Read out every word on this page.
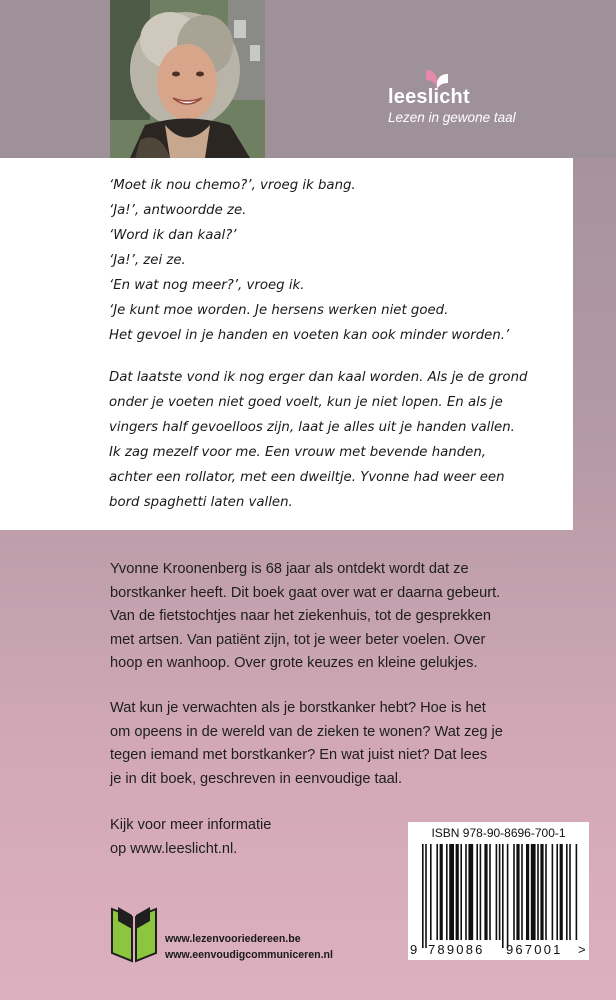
leeslicht
Lezen in gewone taal
‘Moet ik nou chemo?’, vroeg ik bang.
‘Ja!’, antwoordde ze.
‘Word ik dan kaal?’
‘Ja!’, zei ze.
‘En wat nog meer?’, vroeg ik.
‘Je kunt moe worden. Je hersens werken niet goed.
Het gevoel in je handen en voeten kan ook minder worden.’
Dat laatste vond ik nog erger dan kaal worden. Als je de grond
onder je voeten niet goed voelt, kun je niet lopen. En als je
vingers half gevoelloos zijn, laat je alles uit je handen vallen.
Ik zag mezelf voor me. Een vrouw met bevende handen,
achter een rollator, met een dweiltje. Yvonne had weer een
bord spaghetti laten vallen.
Yvonne Kroonenberg is 68 jaar als ontdekt wordt dat ze
borstkanker heeft. Dit boek gaat over wat er daarna gebeurt.
Van de fietstochtjes naar het ziekenhuis, tot de gesprekken
met artsen. Van patiënt zijn, tot je weer beter voelen. Over
hoop en wanhoop. Over grote keuzes en kleine gelukjes.
Wat kun je verwachten als je borstkanker hebt? Hoe is het
om opeens in de wereld van de zieken te wonen? Wat zeg je
tegen iemand met borstkanker? En wat juist niet? Dat lees
je in dit boek, geschreven in eenvoudige taal.
Kijk voor meer informatie
op www.leeslicht.nl.
ISBN 978-90-8696-700-1
9 789086 967001 >
www.lezenvooriedereen.be
www.eenvoudigcommuniceren.nl
